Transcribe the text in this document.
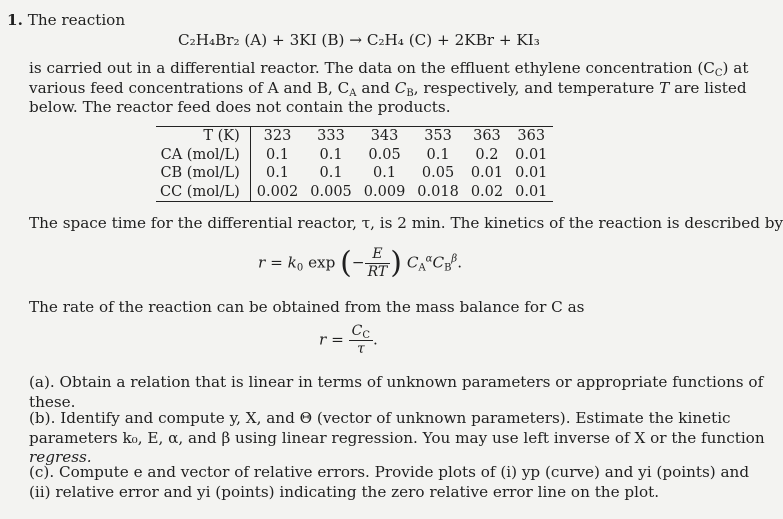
1. The reaction
C₂H₄Br₂ (A) + 3KI (B) → C₂H₄ (C) + 2KBr + KI₃
is carried out in a differential reactor. The data on the effluent ethylene concentration $(C_C)$ at
various feed concentrations of A and B, $C_A$ and $C_B$, respectively, and temperature T are listed
below. The reactor feed does not contain the products.
T (K)	323	333	343	353	363	363
CA (mol/L)	0.1	0.1	0.05	0.1	0.2	0.01
CB (mol/L)	0.1	0.1	0.1	0.05	0.01	0.01
CC (mol/L)	0.002	0.005	0.009	0.018	0.02	0.01
The space time for the differential reactor, τ, is 2 min. The kinetics of the reaction is described by
$r = k_0$ exp (− $\frac{E}{RT}$ ) $C_A^\alpha C_B^\beta$.
The rate of the reaction can be obtained from the mass balance for C as
$r = \frac{C_C}{\tau}$ .
(a). Obtain a relation that is linear in terms of unknown parameters or appropriate functions of
these.
(b). Identify and compute y, X, and Θ (vector of unknown parameters). Estimate the kinetic
parameters k₀, E, α, and β using linear regression. You may use left inverse of X or the function
regress.
(c). Compute e and vector of relative errors. Provide plots of (i) yp (curve) and yi (points) and
(ii) relative error and yi (points) indicating the zero relative error line on the plot.
